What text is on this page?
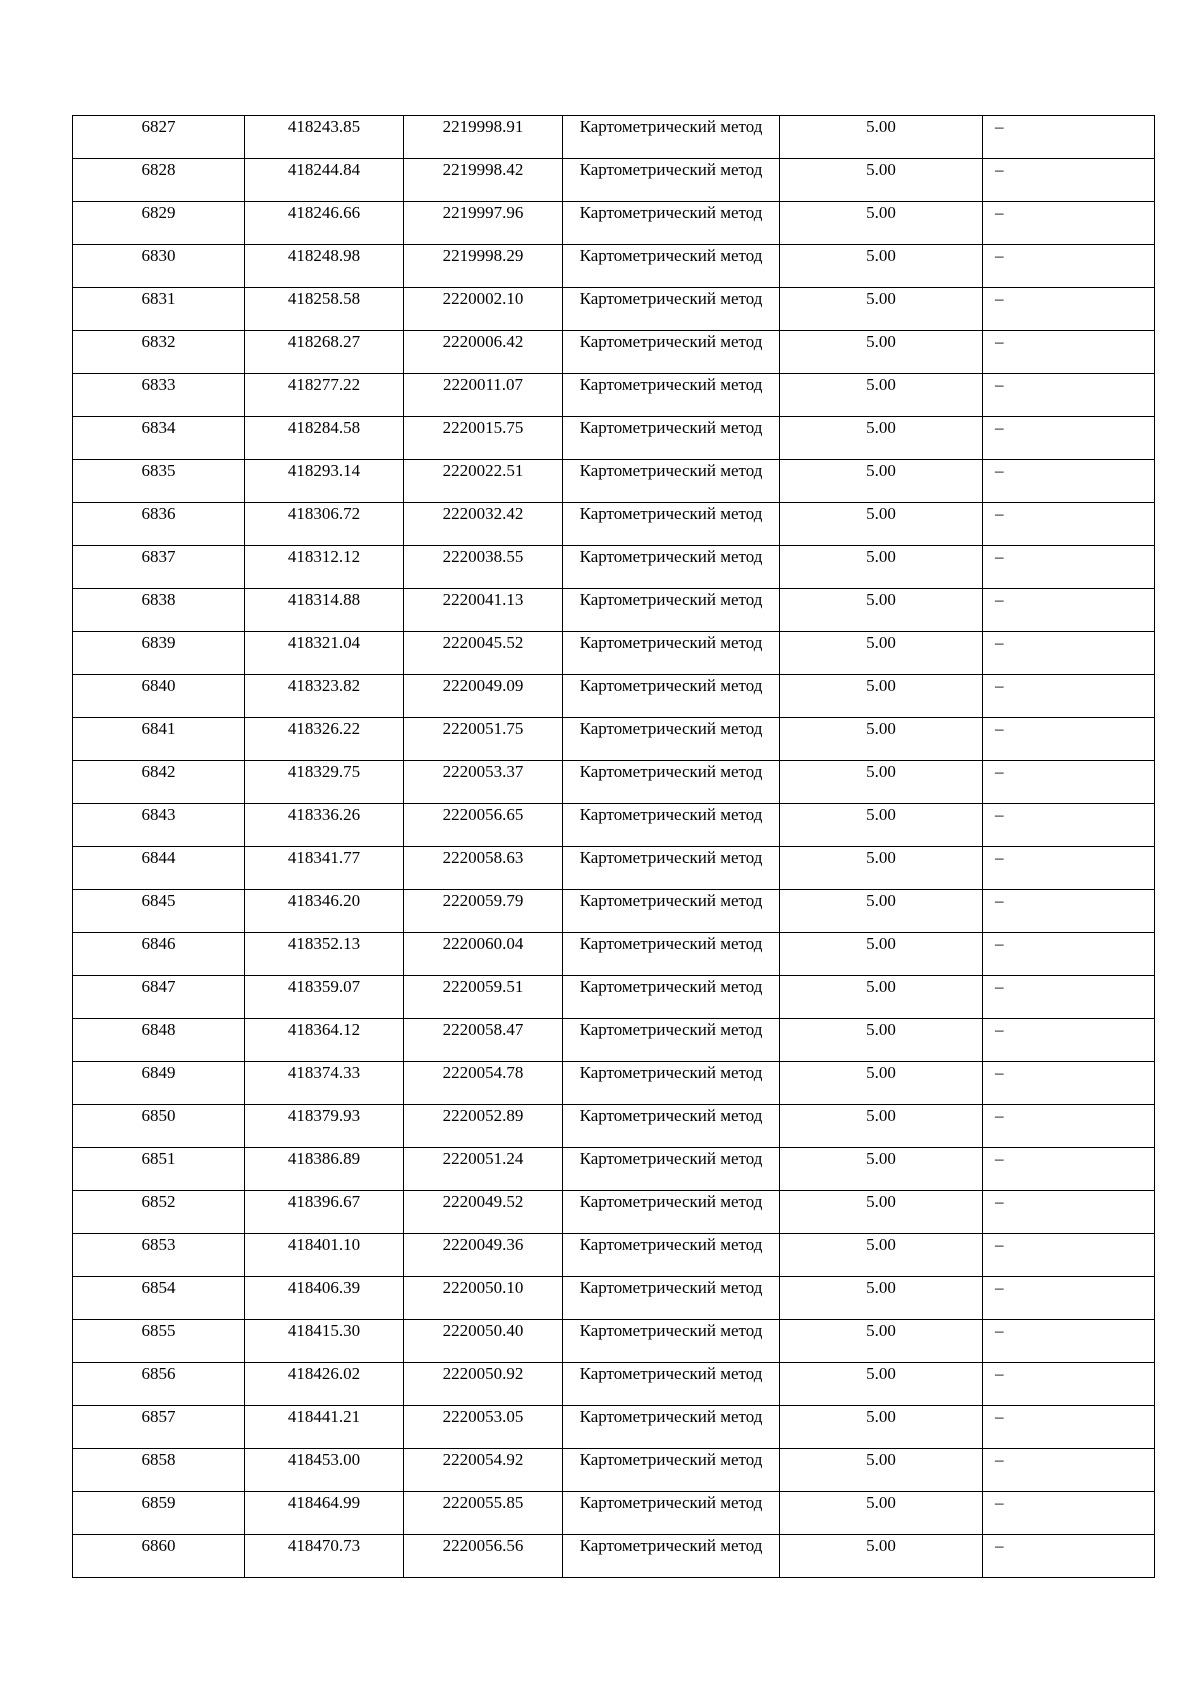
6827	418243.85	2219998.91	Картометрический метод	5.00	–

6828	418244.84	2219998.42	Картометрический метод	5.00	–

6829	418246.66	2219997.96	Картометрический метод	5.00	–

6830	418248.98	2219998.29	Картометрический метод	5.00	–

6831	418258.58	2220002.10	Картометрический метод	5.00	–

6832	418268.27	2220006.42	Картометрический метод	5.00	–

6833	418277.22	2220011.07	Картометрический метод	5.00	–

6834	418284.58	2220015.75	Картометрический метод	5.00	–

6835	418293.14	2220022.51	Картометрический метод	5.00	–

6836	418306.72	2220032.42	Картометрический метод	5.00	–

6837	418312.12	2220038.55	Картометрический метод	5.00	–

6838	418314.88	2220041.13	Картометрический метод	5.00	–

6839	418321.04	2220045.52	Картометрический метод	5.00	–

6840	418323.82	2220049.09	Картометрический метод	5.00	–

6841	418326.22	2220051.75	Картометрический метод	5.00	–

6842	418329.75	2220053.37	Картометрический метод	5.00	–

6843	418336.26	2220056.65	Картометрический метод	5.00	–

6844	418341.77	2220058.63	Картометрический метод	5.00	–

6845	418346.20	2220059.79	Картометрический метод	5.00	–

6846	418352.13	2220060.04	Картометрический метод	5.00	–

6847	418359.07	2220059.51	Картометрический метод	5.00	–

6848	418364.12	2220058.47	Картометрический метод	5.00	–

6849	418374.33	2220054.78	Картометрический метод	5.00	–

6850	418379.93	2220052.89	Картометрический метод	5.00	–

6851	418386.89	2220051.24	Картометрический метод	5.00	–

6852	418396.67	2220049.52	Картометрический метод	5.00	–

6853	418401.10	2220049.36	Картометрический метод	5.00	–

6854	418406.39	2220050.10	Картометрический метод	5.00	–

6855	418415.30	2220050.40	Картометрический метод	5.00	–

6856	418426.02	2220050.92	Картометрический метод	5.00	–

6857	418441.21	2220053.05	Картометрический метод	5.00	–

6858	418453.00	2220054.92	Картометрический метод	5.00	–

6859	418464.99	2220055.85	Картометрический метод	5.00	–

6860	418470.73	2220056.56	Картометрический метод	5.00	–
